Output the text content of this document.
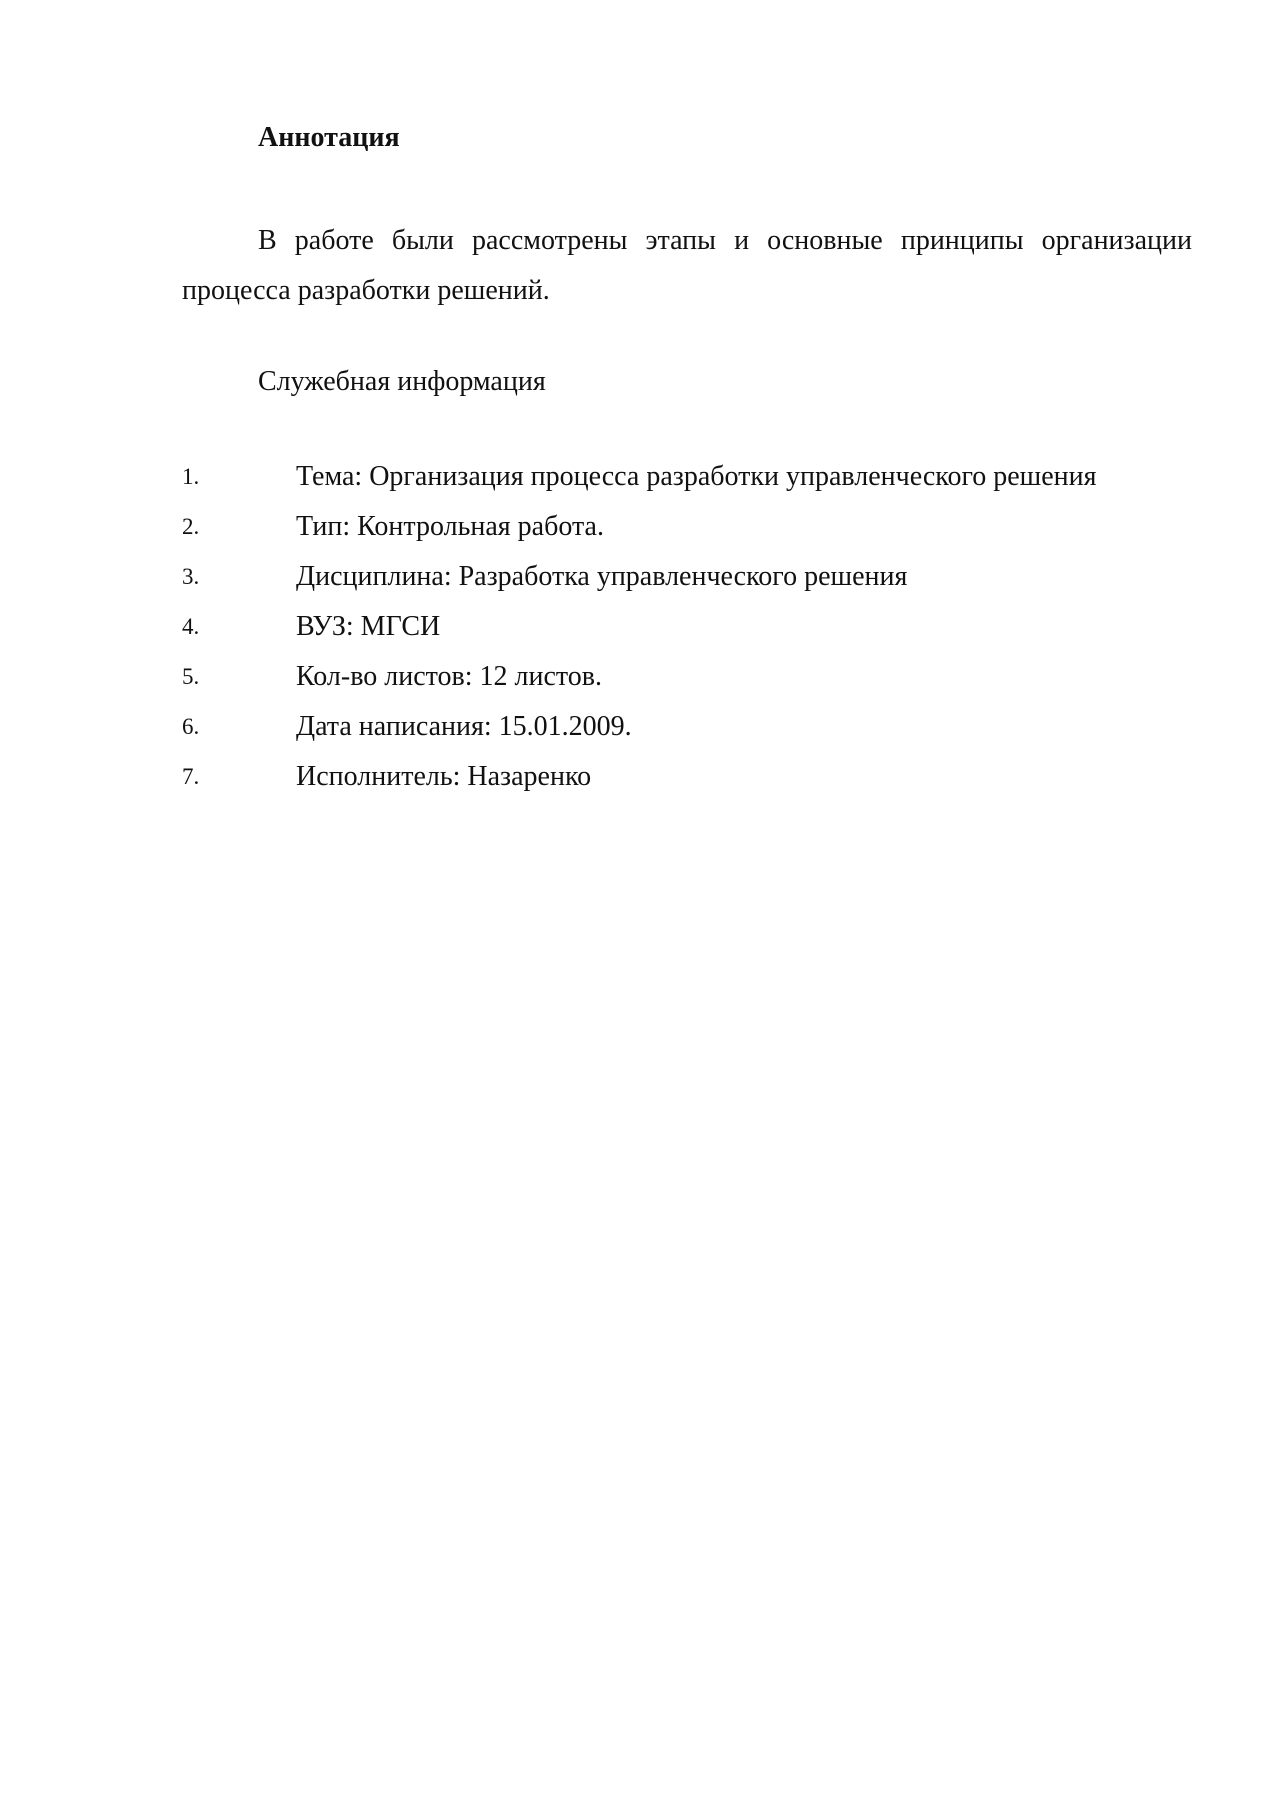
Аннотация

В работе были рассмотрены этапы и основные принципы организации процесса разработки решений.

Служебная информация

1.	Тема: Организация процесса разработки управленческого решения
2.	Тип: Контрольная работа.
3.	Дисциплина: Разработка управленческого решения
4.	ВУЗ: МГСИ
5.	Кол-во листов: 12 листов.
6.	Дата написания: 15.01.2009.
7.	Исполнитель: Назаренко
